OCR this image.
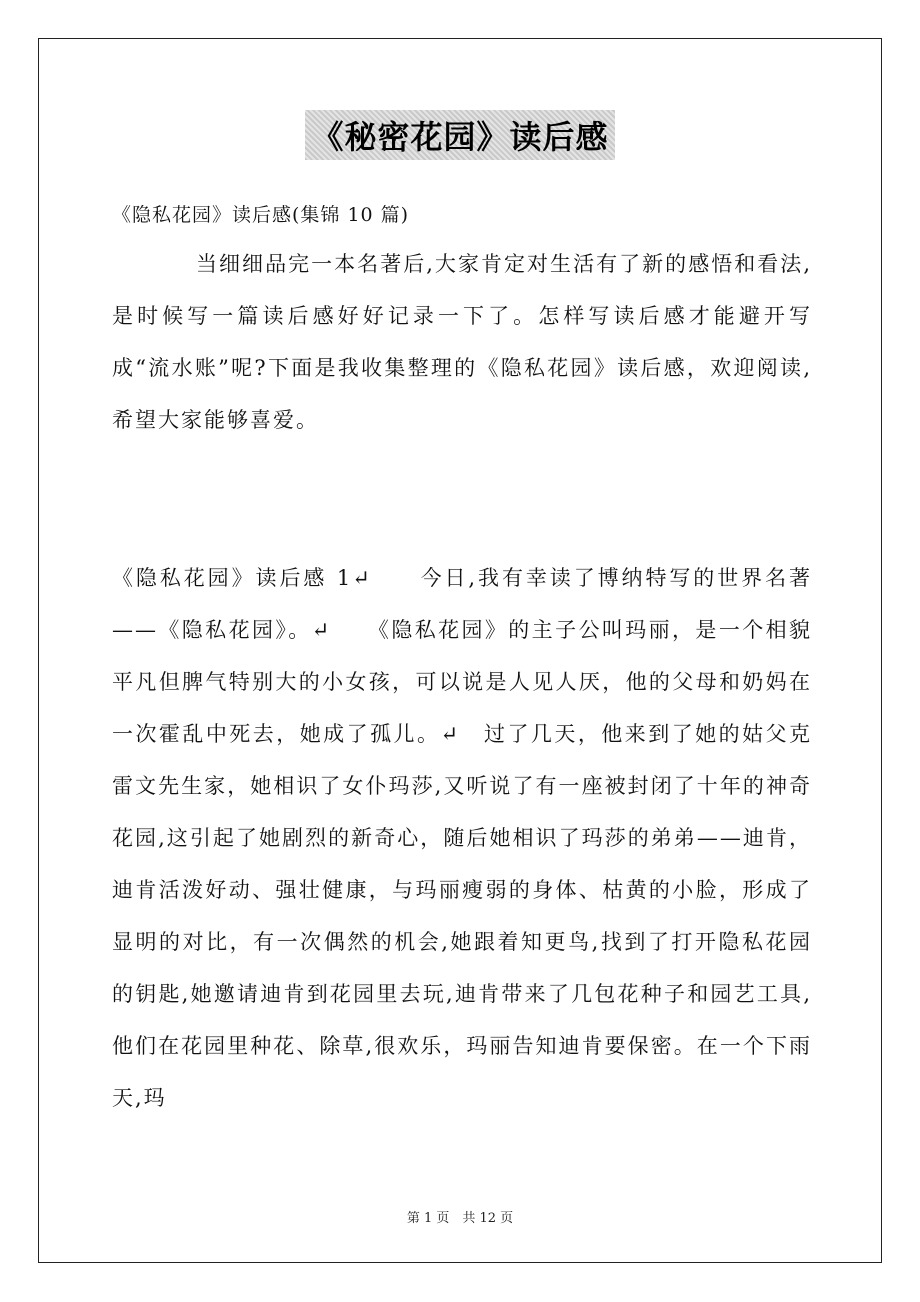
《秘密花园》读后感
《隐私花园》读后感(集锦 10 篇)

当细细品完一本名著后,大家肯定对生活有了新的感悟和看法,是时候写一篇读后感好好记录一下了。怎样写读后感才能避开写成“流水账”呢?下面是我收集整理的《隐私花园》读后感，欢迎阅读,希望大家能够喜爱。

《隐私花园》读后感 1↵　　今日,我有幸读了博纳特写的世界名著——《隐私花园》。↵　　《隐私花园》的主子公叫玛丽，是一个相貌平凡但脾气特别大的小女孩，可以说是人见人厌，他的父母和奶妈在一次霍乱中死去，她成了孤儿。↵　过了几天，他来到了她的姑父克雷文先生家，她相识了女仆玛莎,又听说了有一座被封闭了十年的神奇花园,这引起了她剧烈的新奇心，随后她相识了玛莎的弟弟——迪肯，迪肯活泼好动、强壮健康，与玛丽瘦弱的身体、枯黄的小脸，形成了显明的对比，有一次偶然的机会,她跟着知更鸟,找到了打开隐私花园的钥匙,她邀请迪肯到花园里去玩,迪肯带来了几包花种子和园艺工具,他们在花园里种花、除草,很欢乐，玛丽告知迪肯要保密。在一个下雨天,玛

第 1 页　共 12 页
